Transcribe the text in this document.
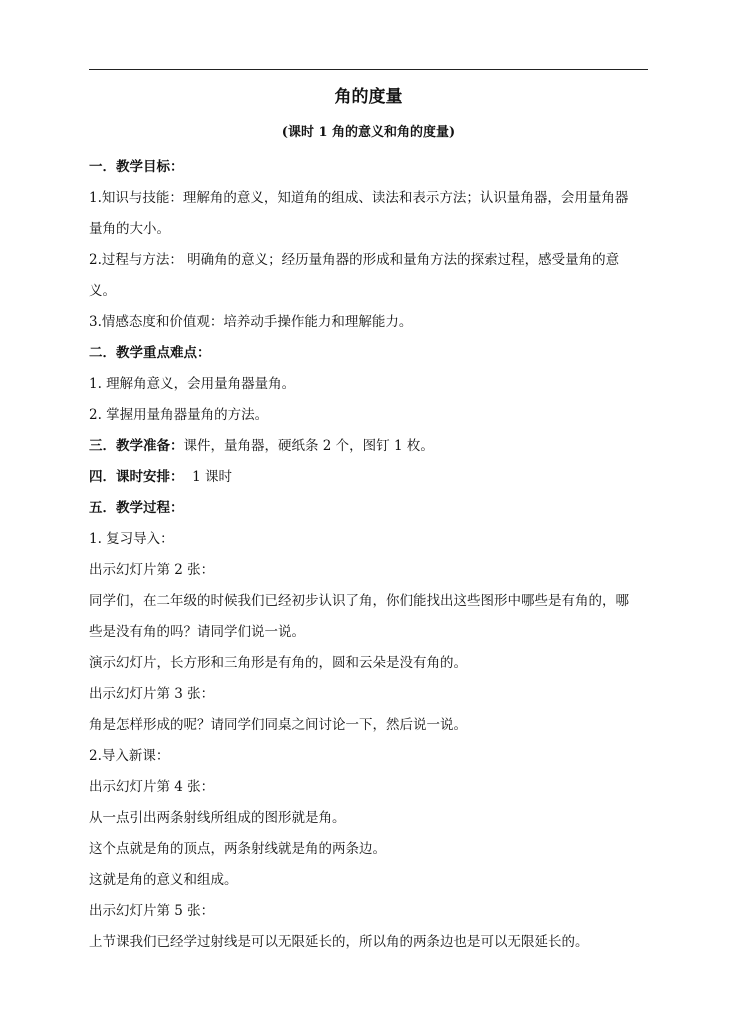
角的度量
(课时 1 角的意义和角的度量)
一．教学目标：
1.知识与技能：理解角的意义，知道角的组成、读法和表示方法；认识量角器，会用量角器
量角的大小。
2.过程与方法： 明确角的意义；经历量角器的形成和量角方法的探索过程，感受量角的意
义。
3.情感态度和价值观：培养动手操作能力和理解能力。
二．教学重点难点：
1. 理解角意义，会用量角器量角。
2. 掌握用量角器量角的方法。
三．教学准备：课件，量角器，硬纸条 2 个，图钉 1 枚。
四．课时安排：  1 课时
五．教学过程：
1. 复习导入：
出示幻灯片第 2 张：
同学们，在二年级的时候我们已经初步认识了角，你们能找出这些图形中哪些是有角的，哪
些是没有角的吗？请同学们说一说。
演示幻灯片，长方形和三角形是有角的，圆和云朵是没有角的。
出示幻灯片第 3 张：
角是怎样形成的呢？请同学们同桌之间讨论一下，然后说一说。
2.导入新课：
出示幻灯片第 4 张：
从一点引出两条射线所组成的图形就是角。
这个点就是角的顶点，两条射线就是角的两条边。
这就是角的意义和组成。
出示幻灯片第 5 张：
上节课我们已经学过射线是可以无限延长的，所以角的两条边也是可以无限延长的。
